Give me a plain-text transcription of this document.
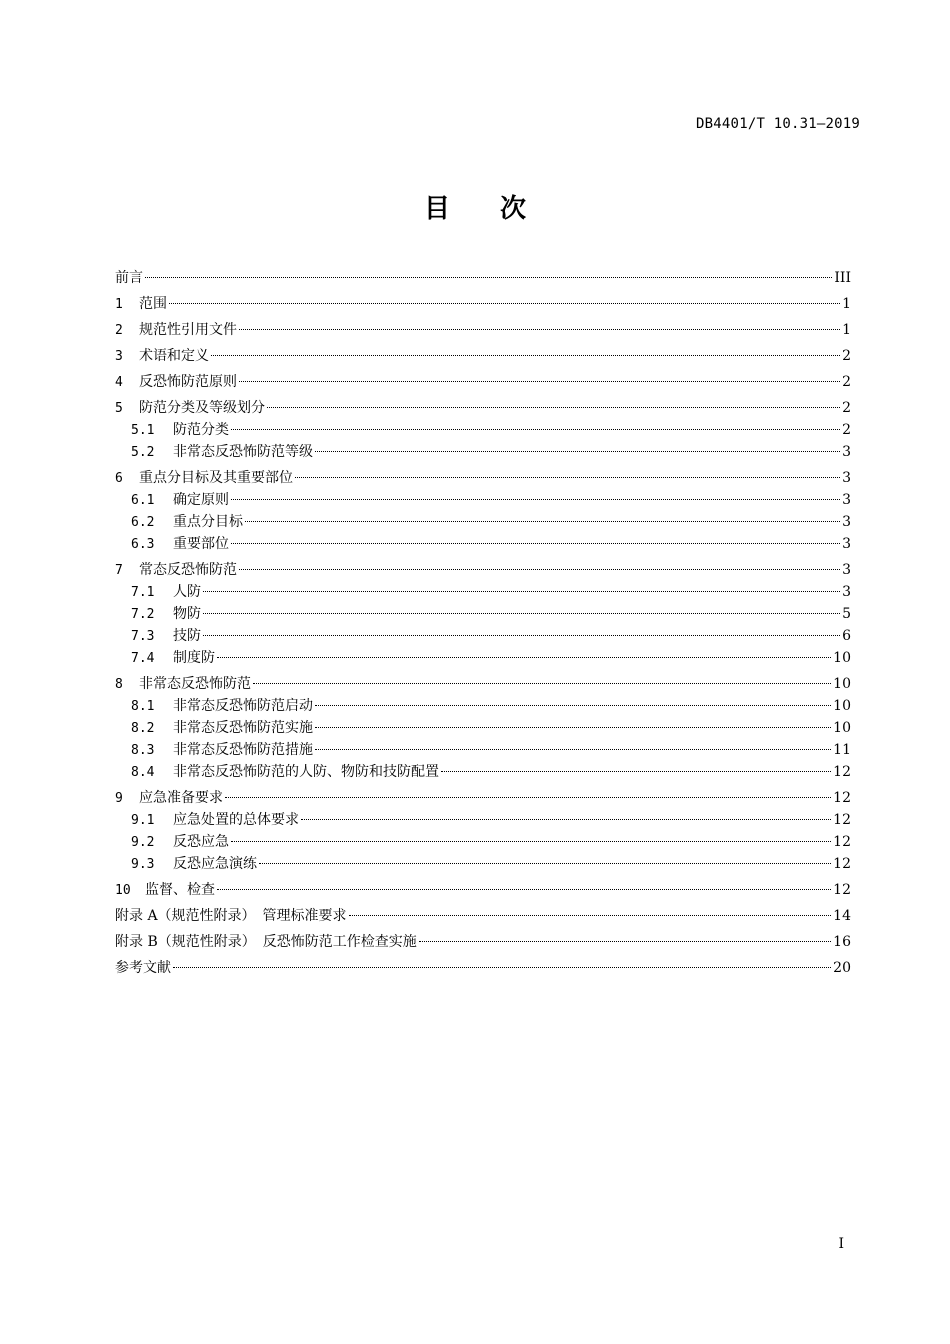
DB4401/T 10.31—2019
目次
前言	III
1	范围	1
2	规范性引用文件	1
3	术语和定义	2
4	反恐怖防范原则	2
5	防范分类及等级划分	2
5.1	防范分类	2
5.2	非常态反恐怖防范等级	3
6	重点分目标及其重要部位	3
6.1	确定原则	3
6.2	重点分目标	3
6.3	重要部位	3
7	常态反恐怖防范	3
7.1	人防	3
7.2	物防	5
7.3	技防	6
7.4	制度防	10
8	非常态反恐怖防范	10
8.1	非常态反恐怖防范启动	10
8.2	非常态反恐怖防范实施	10
8.3	非常态反恐怖防范措施	11
8.4	非常态反恐怖防范的人防、物防和技防配置	12
9	应急准备要求	12
9.1	应急处置的总体要求	12
9.2	反恐应急	12
9.3	反恐应急演练	12
10	监督、检查	12
附录 A（规范性附录）　管理标准要求	14
附录 B（规范性附录）　反恐怖防范工作检查实施	16
参考文献	20
I
